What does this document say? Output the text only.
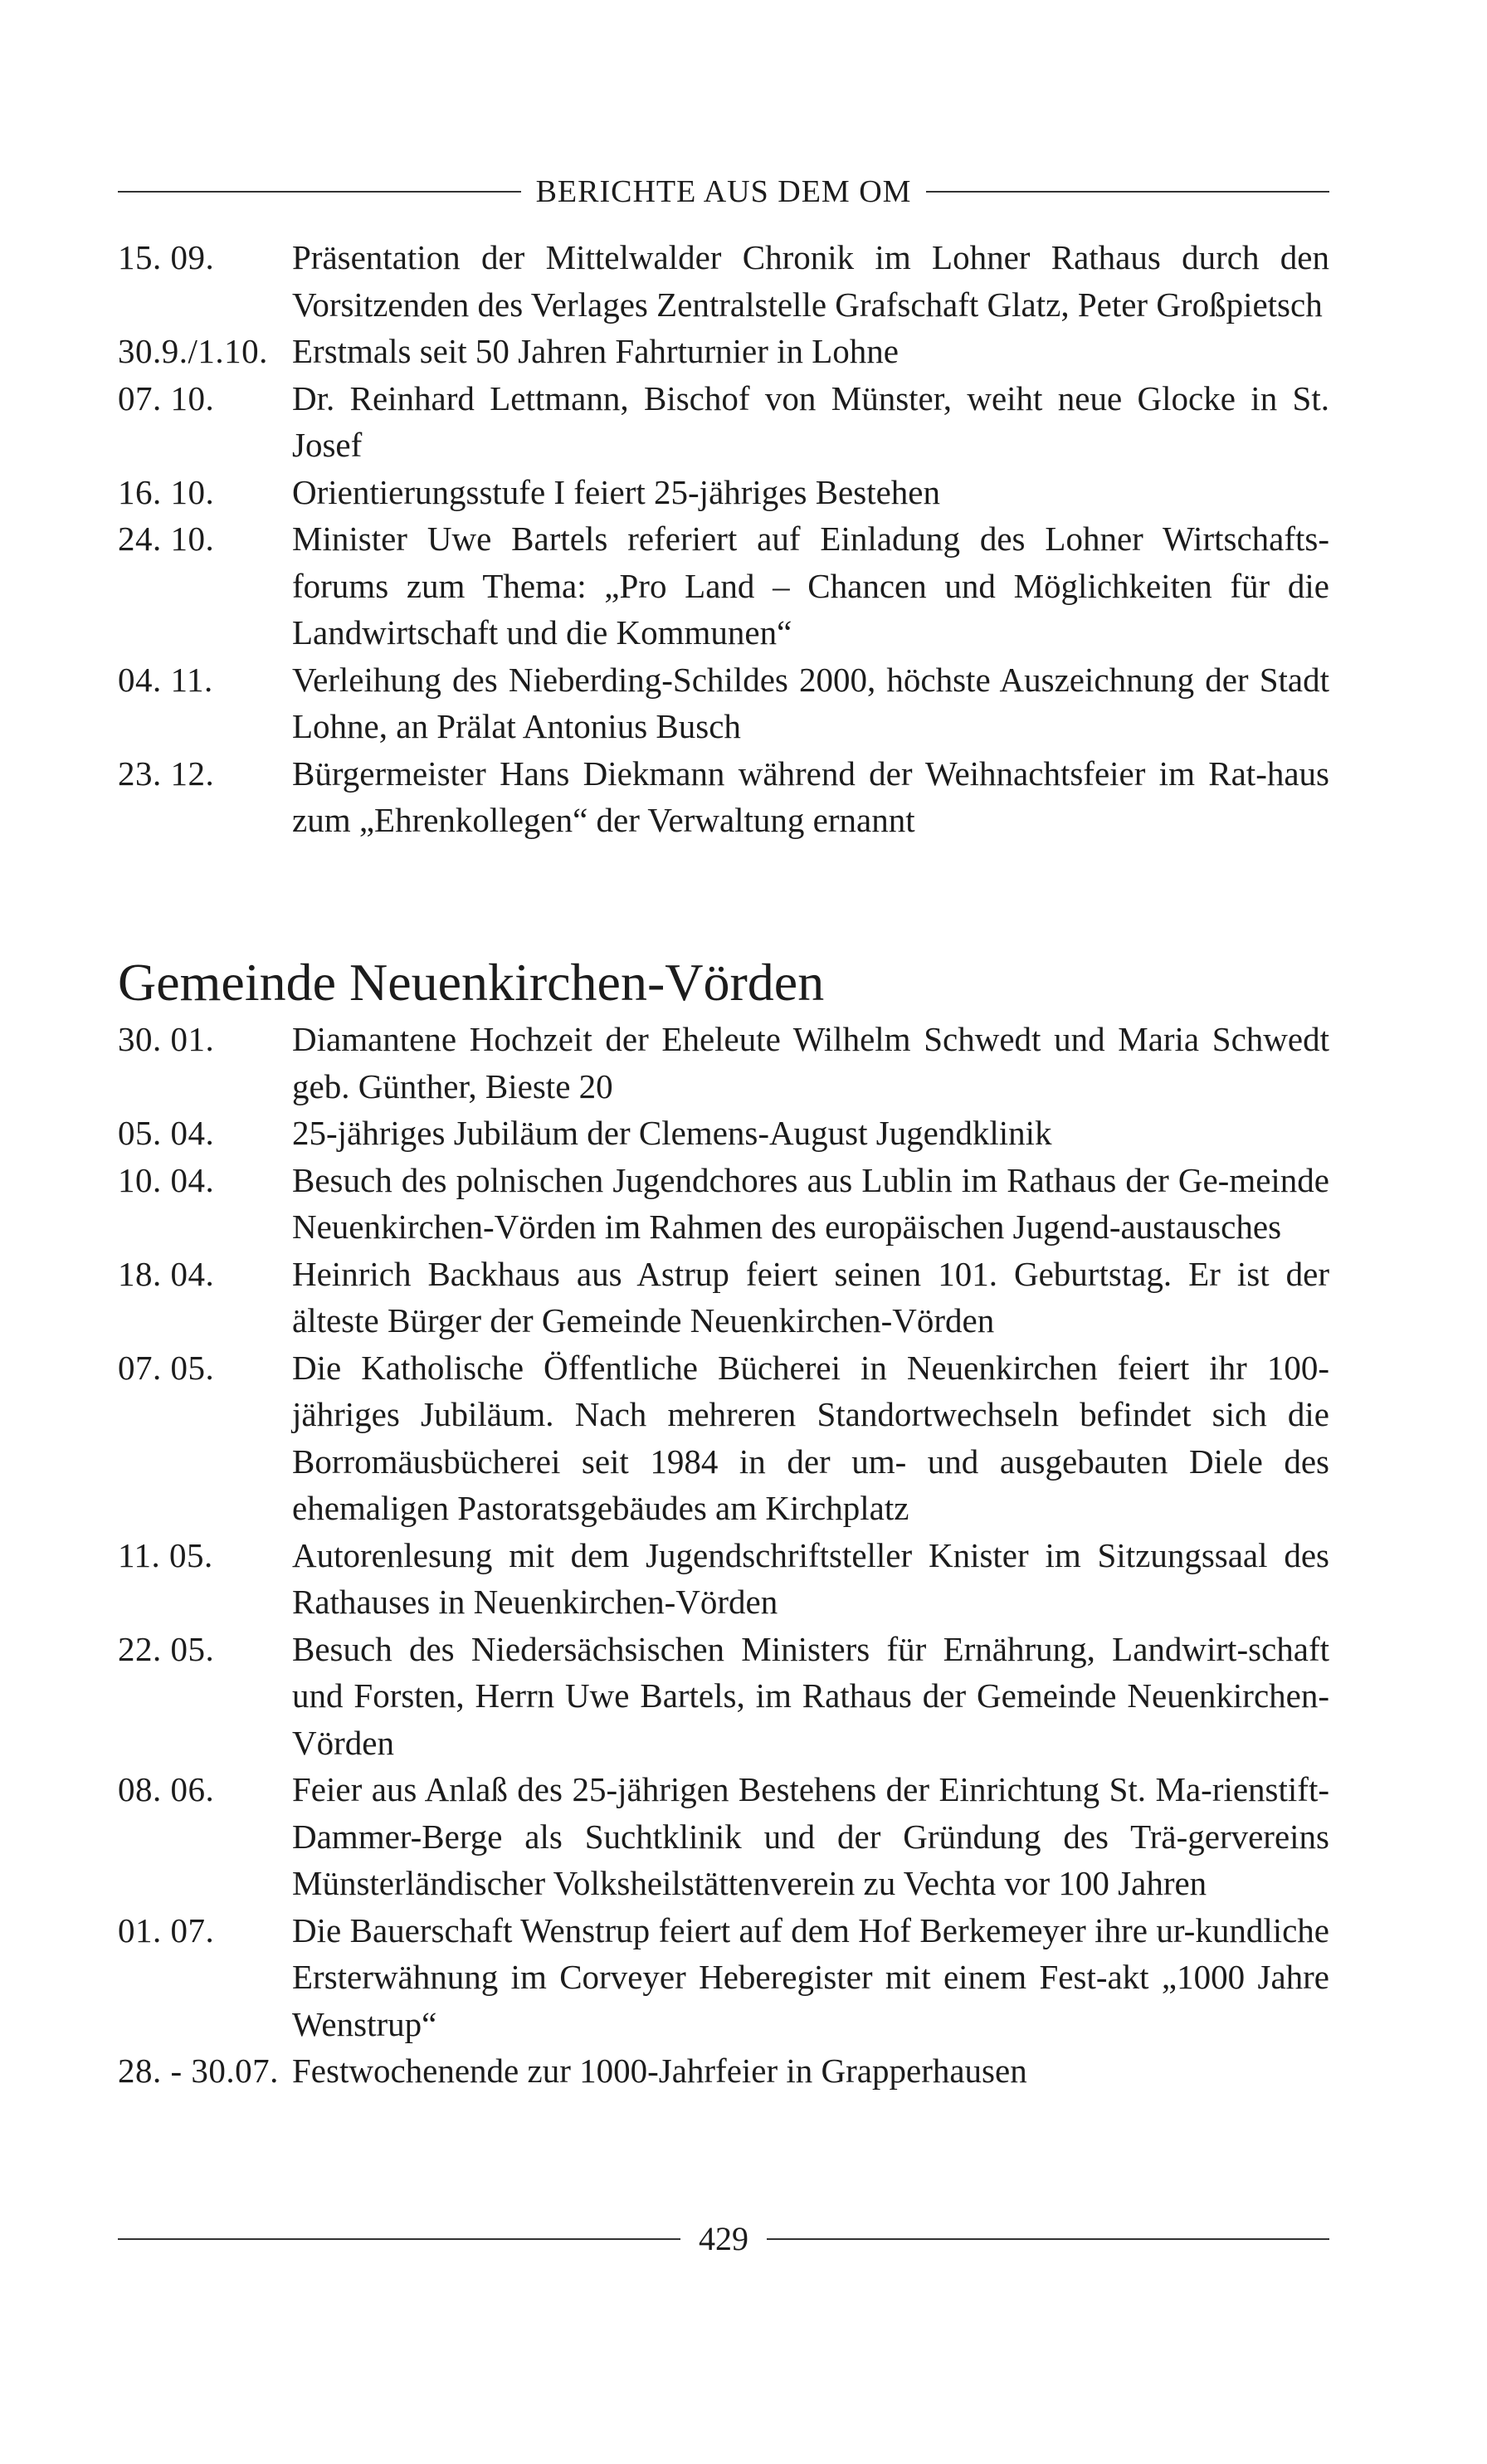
BERICHTE AUS DEM OM
15. 09.	Präsentation der Mittelwalder Chronik im Lohner Rathaus durch den Vorsitzenden des Verlages Zentralstelle Grafschaft Glatz, Peter Großpietsch
30.9./1.10. Erstmals seit 50 Jahren Fahrturnier in Lohne
07. 10.	Dr. Reinhard Lettmann, Bischof von Münster, weiht neue Glocke in St. Josef
16. 10.	Orientierungsstufe I feiert 25-jähriges Bestehen
24. 10.	Minister Uwe Bartels referiert auf Einladung des Lohner Wirtschafts-forums zum Thema: „Pro Land – Chancen und Möglichkeiten für die Landwirtschaft und die Kommunen“
04. 11.	Verleihung des Nieberding-Schildes 2000, höchste Auszeichnung der Stadt Lohne, an Prälat Antonius Busch
23. 12.	Bürgermeister Hans Diekmann während der Weihnachtsfeier im Rat-haus zum „Ehrenkollegen“ der Verwaltung ernannt
Gemeinde Neuenkirchen-Vörden
30. 01.	Diamantene Hochzeit der Eheleute Wilhelm Schwedt und Maria Schwedt geb. Günther, Bieste 20
05. 04.	25-jähriges Jubiläum der Clemens-August Jugendklinik
10. 04.	Besuch des polnischen Jugendchores aus Lublin im Rathaus der Ge-meinde Neuenkirchen-Vörden im Rahmen des europäischen Jugend-austausches
18. 04.	Heinrich Backhaus aus Astrup feiert seinen 101. Geburtstag. Er ist der älteste Bürger der Gemeinde Neuenkirchen-Vörden
07. 05.	Die Katholische Öffentliche Bücherei in Neuenkirchen feiert ihr 100-jähriges Jubiläum. Nach mehreren Standortwechseln befindet sich die Borromäusbücherei seit 1984 in der um- und ausgebauten Diele des ehemaligen Pastoratsgebäudes am Kirchplatz
11. 05.	Autorenlesung mit dem Jugendschriftsteller Knister im Sitzungssaal des Rathauses in Neuenkirchen-Vörden
22. 05.	Besuch des Niedersächsischen Ministers für Ernährung, Landwirt-schaft und Forsten, Herrn Uwe Bartels, im Rathaus der Gemeinde Neuenkirchen-Vörden
08. 06.	Feier aus Anlaß des 25-jährigen Bestehens der Einrichtung St. Ma-rienstift-Dammer-Berge als Suchtklinik und der Gründung des Trä-gervereins Münsterländischer Volksheilstättenverein zu Vechta vor 100 Jahren
01. 07.	Die Bauerschaft Wenstrup feiert auf dem Hof Berkemeyer ihre ur-kundliche Ersterwähnung im Corveyer Heberegister mit einem Fest-akt „1000 Jahre Wenstrup“
28. - 30.07. Festwochenende zur 1000-Jahrfeier in Grapperhausen
429
